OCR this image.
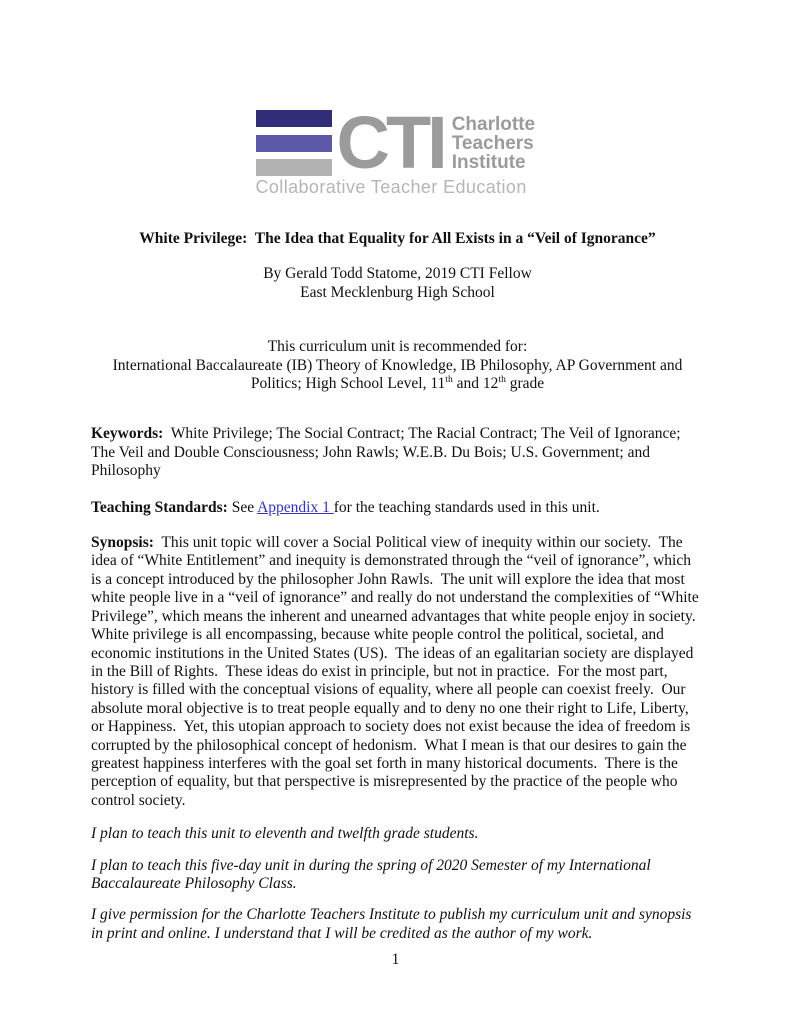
CTI Charlotte
Teachers
Institute
Collaborative Teacher Education
White Privilege:  The Idea that Equality for All Exists in a “Veil of Ignorance”

By Gerald Todd Statome, 2019 CTI Fellow

East Mecklenburg High School

This curriculum unit is recommended for:

International Baccalaureate (IB) Theory of Knowledge, IB Philosophy, AP Government and
Politics; High School Level, 11th and 12th grade

Keywords:  White Privilege; The Social Contract; The Racial Contract; The Veil of Ignorance; The Veil and Double Consciousness; John Rawls; W.E.B. Du Bois; U.S. Government; and Philosophy

Teaching Standards: See Appendix 1 for the teaching standards used in this unit.

Synopsis:  This unit topic will cover a Social Political view of inequity within our society.  The idea of “White Entitlement” and inequity is demonstrated through the “veil of ignorance”, which is a concept introduced by the philosopher John Rawls.  The unit will explore the idea that most white people live in a “veil of ignorance” and really do not understand the complexities of “White Privilege”, which means the inherent and unearned advantages that white people enjoy in society.  White privilege is all encompassing, because white people control the political, societal, and economic institutions in the United States (US).  The ideas of an egalitarian society are displayed in the Bill of Rights.  These ideas do exist in principle, but not in practice.  For the most part, history is filled with the conceptual visions of equality, where all people can coexist freely.  Our absolute moral objective is to treat people equally and to deny no one their right to Life, Liberty, or Happiness.  Yet, this utopian approach to society does not exist because the idea of freedom is corrupted by the philosophical concept of hedonism.  What I mean is that our desires to gain the greatest happiness interferes with the goal set forth in many historical documents.  There is the perception of equality, but that perspective is misrepresented by the practice of the people who control society.

I plan to teach this unit to eleventh and twelfth grade students.

I plan to teach this five-day unit in during the spring of 2020 Semester of my International Baccalaureate Philosophy Class.

I give permission for the Charlotte Teachers Institute to publish my curriculum unit and synopsis in print and online. I understand that I will be credited as the author of my work.

1
